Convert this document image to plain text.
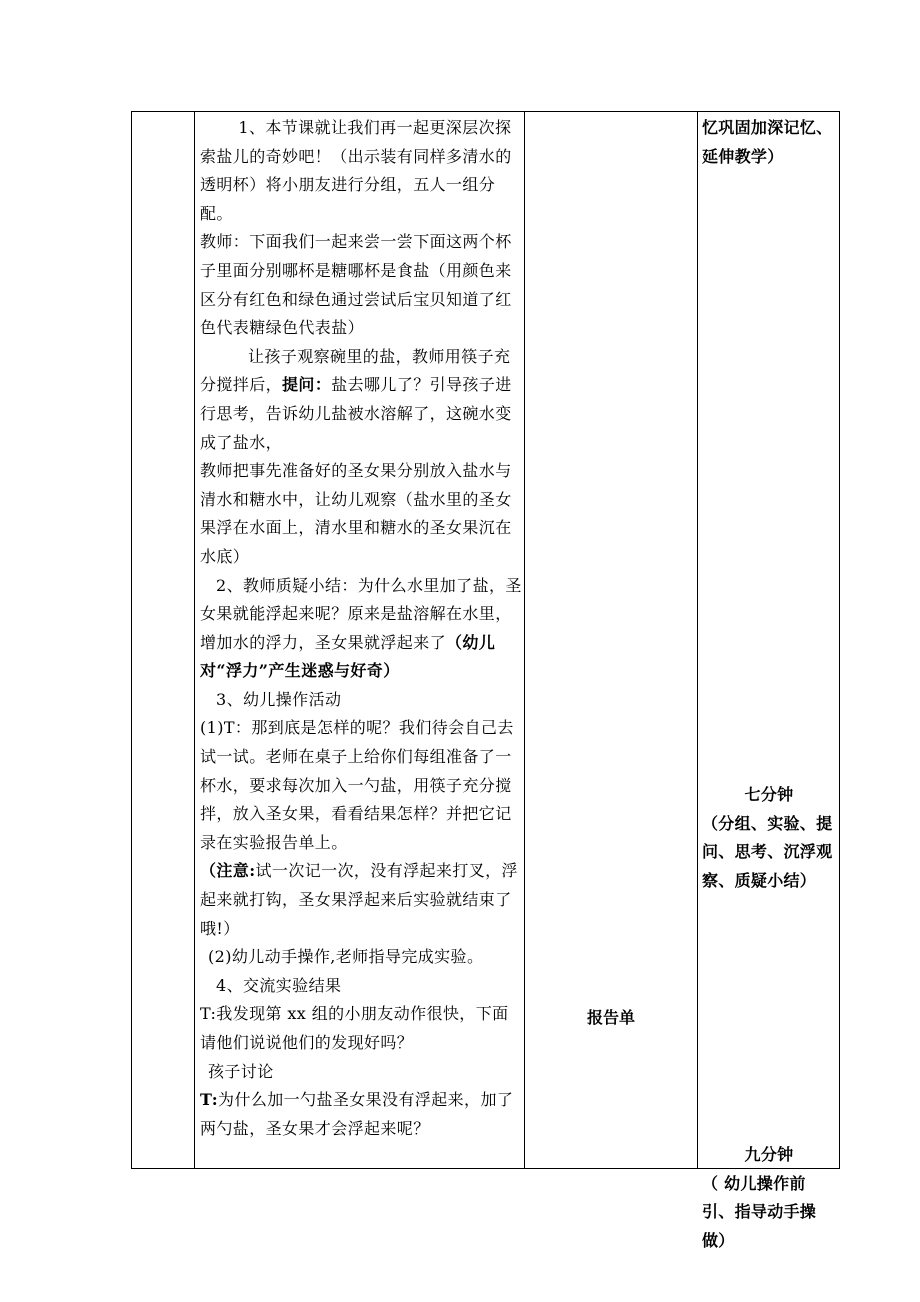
1、本节课就让我们再一起更深层次探索盐儿的奇妙吧！（出示装有同样多清水的透明杯）将小朋友进行分组，五人一组分配。

教师：下面我们一起来尝一尝下面这两个杯子里面分别哪杯是糖哪杯是食盐（用颜色来区分有红色和绿色通过尝试后宝贝知道了红色代表糖绿色代表盐）

让孩子观察碗里的盐，教师用筷子充分搅拌后，提问：盐去哪儿了？引导孩子进行思考，告诉幼儿盐被水溶解了，这碗水变成了盐水，

教师把事先准备好的圣女果分别放入盐水与清水和糖水中，让幼儿观察（盐水里的圣女果浮在水面上，清水里和糖水的圣女果沉在水底）

2、教师质疑小结：为什么水里加了盐，圣女果就能浮起来呢？原来是盐溶解在水里，增加水的浮力，圣女果就浮起来了（幼儿对“浮力”产生迷惑与好奇）

3、幼儿操作活动

(1)T：那到底是怎样的呢？我们待会自己去试一试。老师在桌子上给你们每组准备了一杯水，要求每次加入一勺盐，用筷子充分搅拌，放入圣女果，看看结果怎样？并把它记录在实验报告单上。

（注意:试一次记一次，没有浮起来打叉，浮起来就打钩，圣女果浮起来后实验就结束了哦!）

(2)幼儿动手操作,老师指导完成实验。

4、交流实验结果

T:我发现第 xx 组的小朋友动作很快，下面请他们说说他们的发现好吗？

孩子讨论

T:为什么加一勺盐圣女果没有浮起来，加了两勺盐，圣女果才会浮起来呢？

报告单
忆巩固加深记忆、延伸教学）
七分钟
（分组、实验、提问、思考、沉浮观察、质疑小结）
九分钟
（ 幼儿操作前引、指导动手操做）
